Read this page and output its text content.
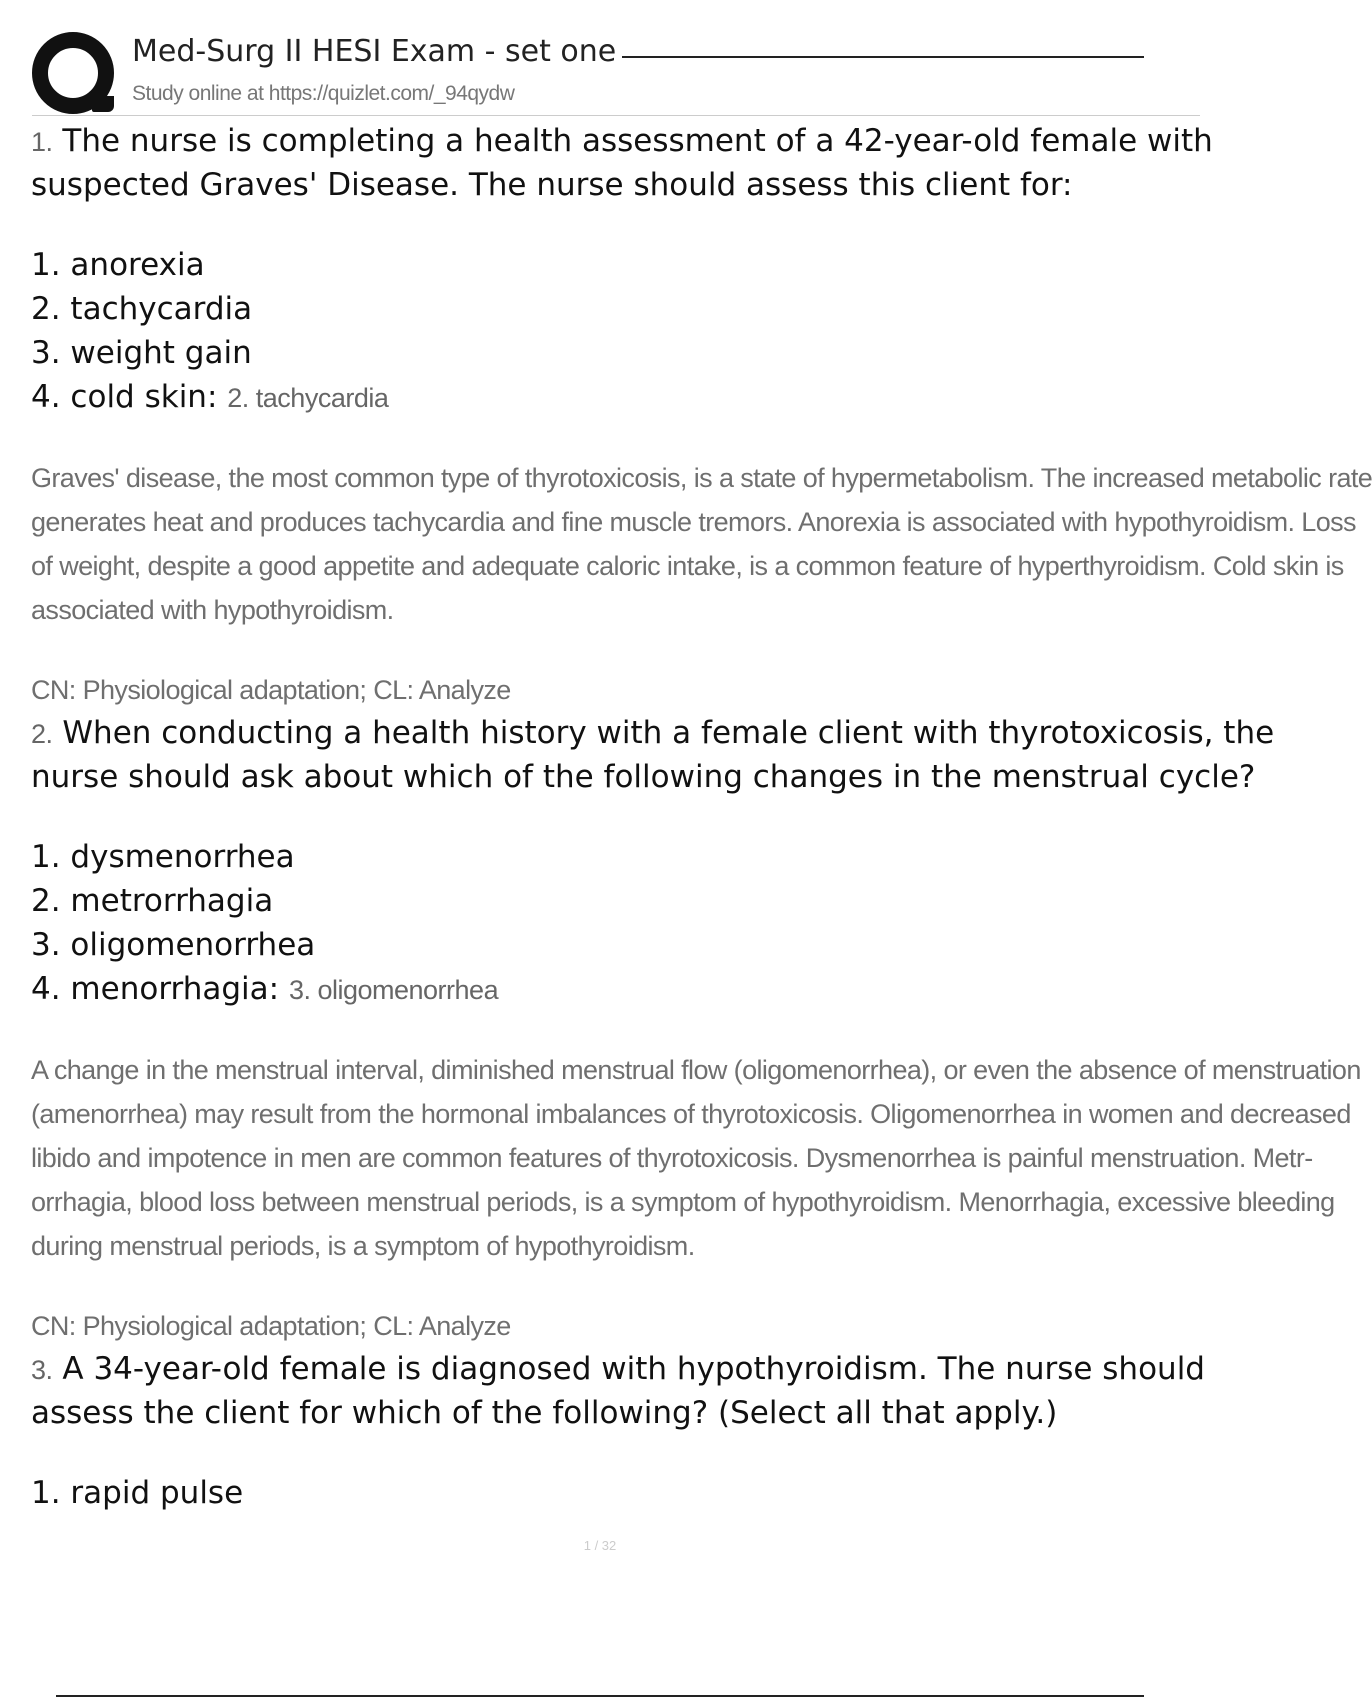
Med-Surg II HESI Exam - set one
Study online at https://quizlet.com/_94qydw

1. The nurse is completing a health assessment of a 42-year-old female with
suspected Graves' Disease. The nurse should assess this client for:

1. anorexia
2. tachycardia
3. weight gain
4. cold skin: 2. tachycardia
Graves' disease, the most common type of thyrotoxicosis, is a state of hypermetabolism. The increased metabolic rate
generates heat and produces tachycardia and fine muscle tremors. Anorexia is associated with hypothyroidism. Loss
of weight, despite a good appetite and adequate caloric intake, is a common feature of hyperthyroidism. Cold skin is
associated with hypothyroidism.
CN: Physiological adaptation; CL: Analyze

2. When conducting a health history with a female client with thyrotoxicosis, the
nurse should ask about which of the following changes in the menstrual cycle?

1. dysmenorrhea
2. metrorrhagia
3. oligomenorrhea
4. menorrhagia: 3. oligomenorrhea
A change in the menstrual interval, diminished menstrual flow (oligomenorrhea), or even the absence of menstruation
(amenorrhea) may result from the hormonal imbalances of thyrotoxicosis. Oligomenorrhea in women and decreased
libido and impotence in men are common features of thyrotoxicosis. Dysmenorrhea is painful menstruation. Metr-
orrhagia, blood loss between menstrual periods, is a symptom of hypothyroidism. Menorrhagia, excessive bleeding
during menstrual periods, is a symptom of hypothyroidism.
CN: Physiological adaptation; CL: Analyze

3. A 34-year-old female is diagnosed with hypothyroidism. The nurse should
assess the client for which of the following? (Select all that apply.)

1. rapid pulse
1 / 32
